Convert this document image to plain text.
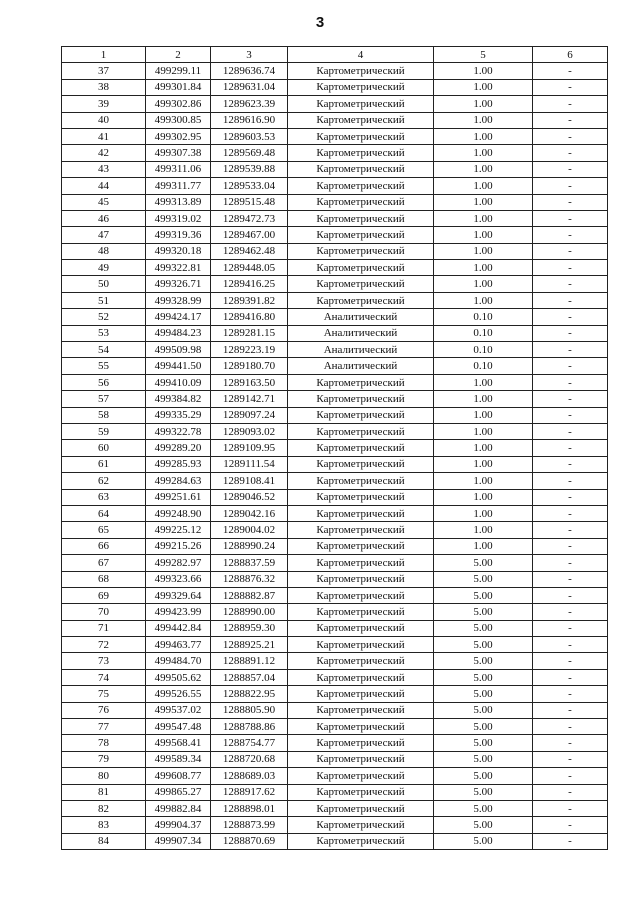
3
1	2	3	4	5	6
37	499299.11	1289636.74	Картометрический	1.00	-
38	499301.84	1289631.04	Картометрический	1.00	-
39	499302.86	1289623.39	Картометрический	1.00	-
40	499300.85	1289616.90	Картометрический	1.00	-
41	499302.95	1289603.53	Картометрический	1.00	-
42	499307.38	1289569.48	Картометрический	1.00	-
43	499311.06	1289539.88	Картометрический	1.00	-
44	499311.77	1289533.04	Картометрический	1.00	-
45	499313.89	1289515.48	Картометрический	1.00	-
46	499319.02	1289472.73	Картометрический	1.00	-
47	499319.36	1289467.00	Картометрический	1.00	-
48	499320.18	1289462.48	Картометрический	1.00	-
49	499322.81	1289448.05	Картометрический	1.00	-
50	499326.71	1289416.25	Картометрический	1.00	-
51	499328.99	1289391.82	Картометрический	1.00	-
52	499424.17	1289416.80	Аналитический	0.10	-
53	499484.23	1289281.15	Аналитический	0.10	-
54	499509.98	1289223.19	Аналитический	0.10	-
55	499441.50	1289180.70	Аналитический	0.10	-
56	499410.09	1289163.50	Картометрический	1.00	-
57	499384.82	1289142.71	Картометрический	1.00	-
58	499335.29	1289097.24	Картометрический	1.00	-
59	499322.78	1289093.02	Картометрический	1.00	-
60	499289.20	1289109.95	Картометрический	1.00	-
61	499285.93	1289111.54	Картометрический	1.00	-
62	499284.63	1289108.41	Картометрический	1.00	-
63	499251.61	1289046.52	Картометрический	1.00	-
64	499248.90	1289042.16	Картометрический	1.00	-
65	499225.12	1289004.02	Картометрический	1.00	-
66	499215.26	1288990.24	Картометрический	1.00	-
67	499282.97	1288837.59	Картометрический	5.00	-
68	499323.66	1288876.32	Картометрический	5.00	-
69	499329.64	1288882.87	Картометрический	5.00	-
70	499423.99	1288990.00	Картометрический	5.00	-
71	499442.84	1288959.30	Картометрический	5.00	-
72	499463.77	1288925.21	Картометрический	5.00	-
73	499484.70	1288891.12	Картометрический	5.00	-
74	499505.62	1288857.04	Картометрический	5.00	-
75	499526.55	1288822.95	Картометрический	5.00	-
76	499537.02	1288805.90	Картометрический	5.00	-
77	499547.48	1288788.86	Картометрический	5.00	-
78	499568.41	1288754.77	Картометрический	5.00	-
79	499589.34	1288720.68	Картометрический	5.00	-
80	499608.77	1288689.03	Картометрический	5.00	-
81	499865.27	1288917.62	Картометрический	5.00	-
82	499882.84	1288898.01	Картометрический	5.00	-
83	499904.37	1288873.99	Картометрический	5.00	-
84	499907.34	1288870.69	Картометрический	5.00	-
